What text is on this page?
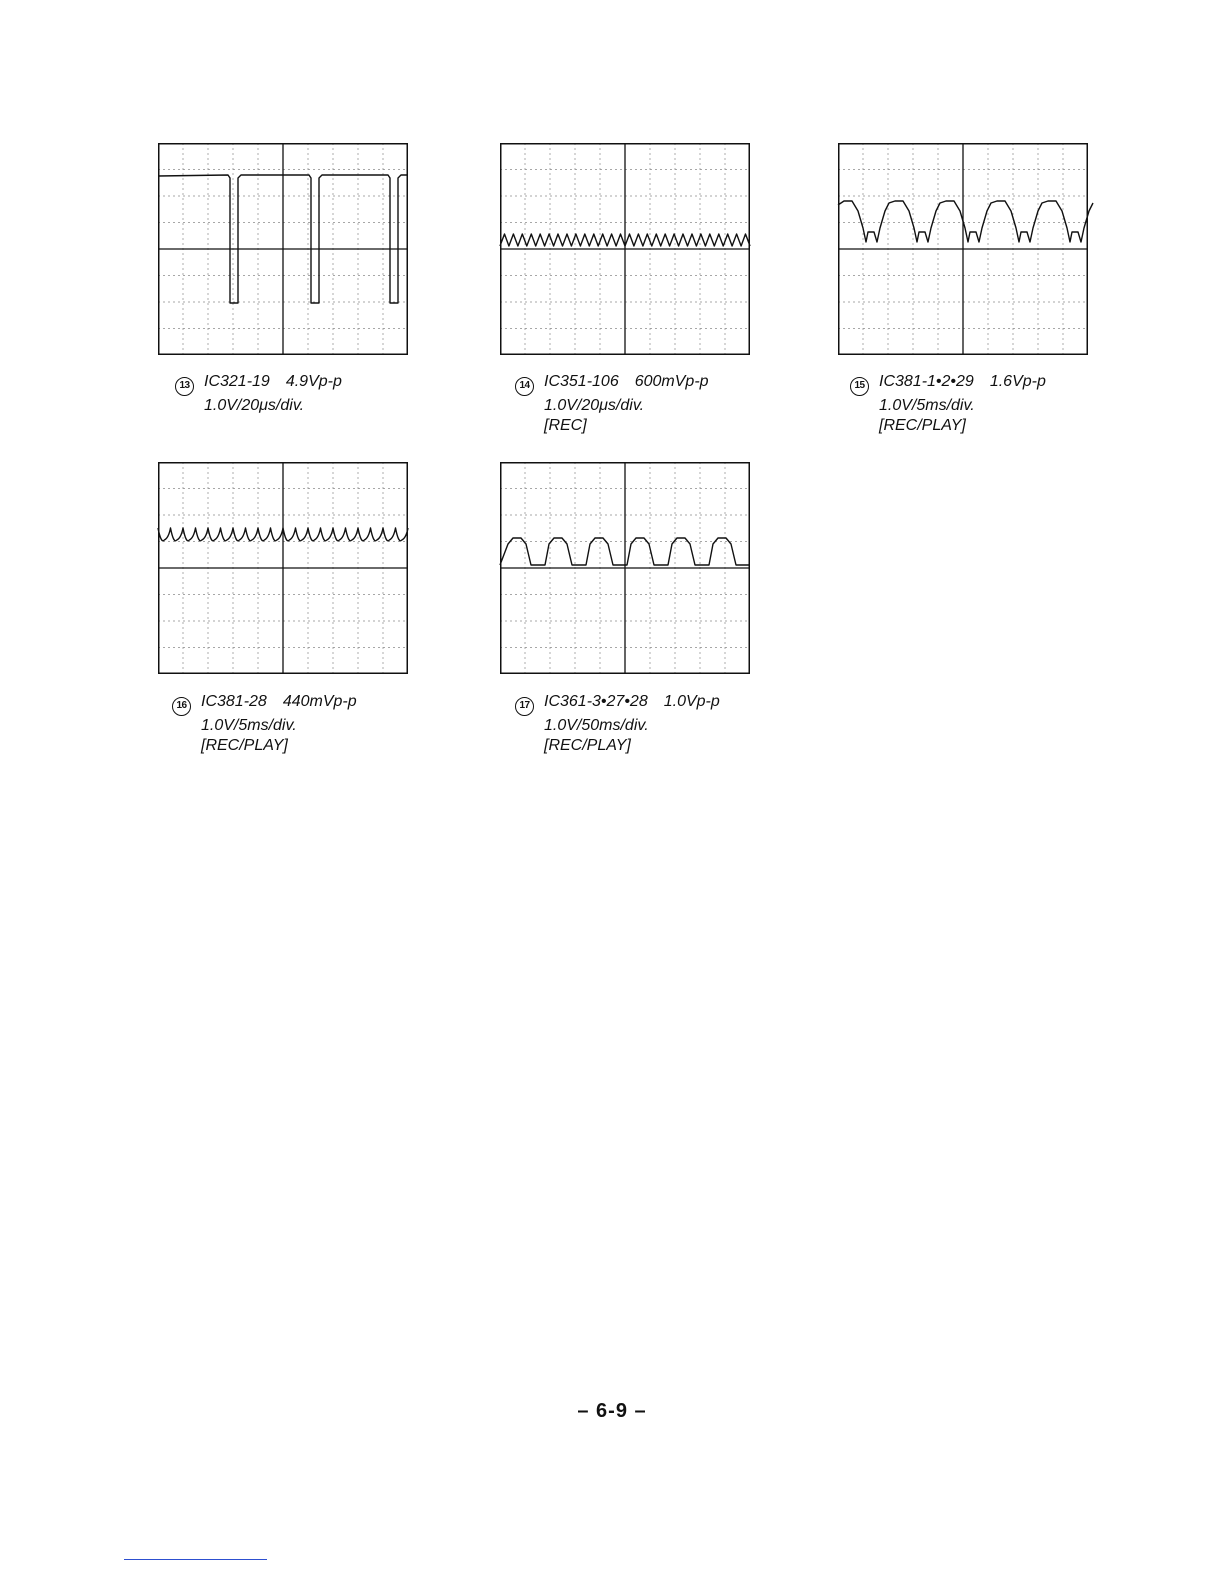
13 IC321-19 4.9Vp-p
1.0V/20μs/div.
14 IC351-106 600mVp-p
1.0V/20μs/div.
[REC]
15 IC381-1•2•29 1.6Vp-p
1.0V/5ms/div.
[REC/PLAY]
16 IC381-28 440mVp-p
1.0V/5ms/div.
[REC/PLAY]
17 IC361-3•27•28 1.0Vp-p
1.0V/50ms/div.
[REC/PLAY]
– 6-9 –
